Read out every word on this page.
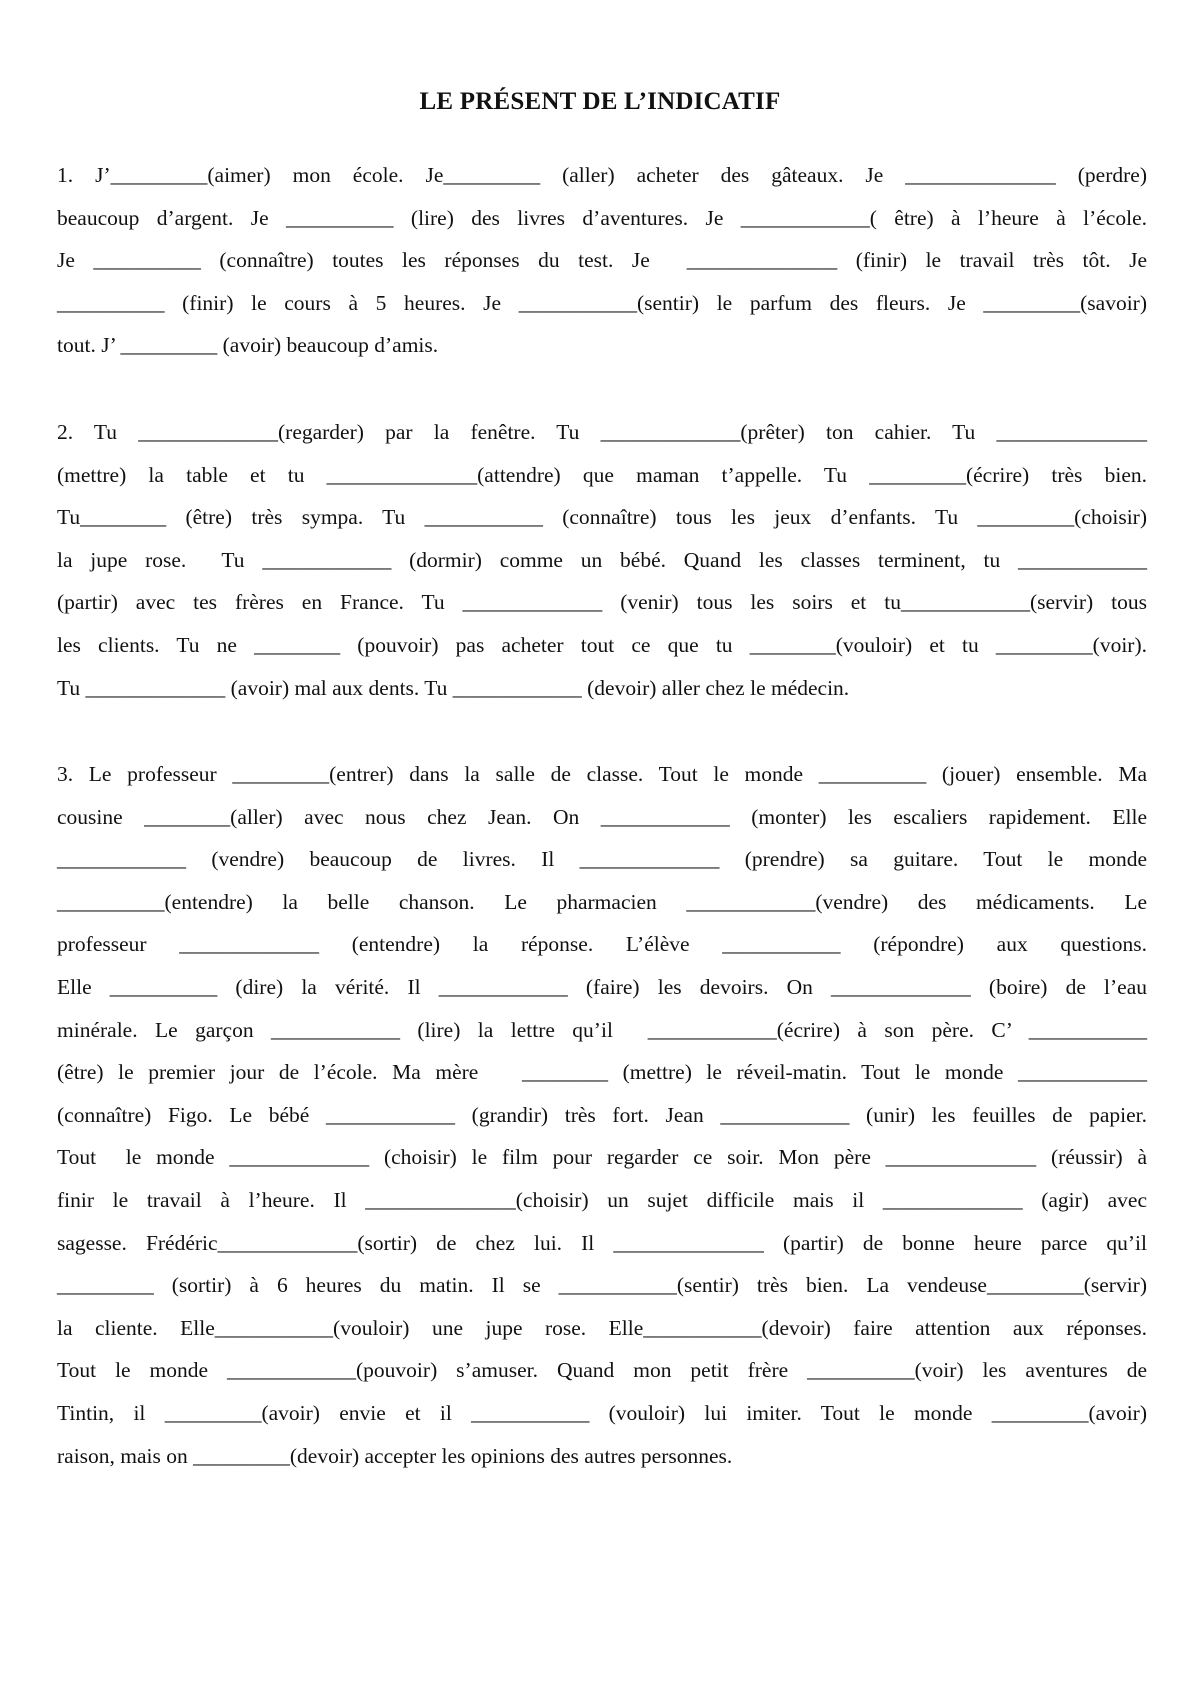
LE PRÉSENT DE L’INDICATIF
1. J’_________(aimer) mon école. Je_________ (aller) acheter des gâteaux. Je ______________ (perdre)
beaucoup d’argent. Je __________ (lire) des livres d’aventures. Je ____________( être) à l’heure à l’école.
Je __________ (connaître) toutes les réponses du test. Je  ______________ (finir) le travail très tôt. Je
__________ (finir) le cours à 5 heures. Je ___________(sentir) le parfum des fleurs. Je _________(savoir)
tout. J’ _________ (avoir) beaucoup d’amis.
2. Tu _____________(regarder) par la fenêtre. Tu _____________(prêter) ton cahier. Tu ______________
(mettre) la table et tu ______________(attendre) que maman t’appelle. Tu _________(écrire) très bien.
Tu________ (être) très sympa. Tu ___________ (connaître) tous les jeux d’enfants. Tu _________(choisir)
la jupe rose.  Tu ____________ (dormir) comme un bébé. Quand les classes terminent, tu ____________
(partir) avec tes frères en France. Tu _____________ (venir) tous les soirs et tu____________(servir) tous
les clients. Tu ne ________ (pouvoir) pas acheter tout ce que tu ________(vouloir) et tu _________(voir).
Tu _____________ (avoir) mal aux dents. Tu ____________ (devoir) aller chez le médecin.
3. Le professeur _________(entrer) dans la salle de classe. Tout le monde __________ (jouer) ensemble. Ma
cousine ________(aller) avec nous chez Jean. On ____________ (monter) les escaliers rapidement. Elle
____________ (vendre) beaucoup de livres. Il _____________ (prendre) sa guitare. Tout le monde
__________(entendre) la belle chanson. Le pharmacien ____________(vendre) des médicaments. Le
professeur _____________ (entendre) la réponse. L’élève ___________ (répondre) aux questions.
Elle __________ (dire) la vérité. Il ____________ (faire) les devoirs. On _____________ (boire) de l’eau
minérale. Le garçon ____________ (lire) la lettre qu’il  ____________(écrire) à son père. C’ ___________
(être) le premier jour de l’école. Ma mère   ________ (mettre) le réveil-matin. Tout le monde ____________
(connaître) Figo. Le bébé ____________ (grandir) très fort. Jean ____________ (unir) les feuilles de papier.
Tout  le monde _____________ (choisir) le film pour regarder ce soir. Mon père ______________ (réussir) à
finir le travail à l’heure. Il ______________(choisir) un sujet difficile mais il _____________ (agir) avec
sagesse. Frédéric_____________(sortir) de chez lui. Il ______________ (partir) de bonne heure parce qu’il
_________ (sortir) à 6 heures du matin. Il se ___________(sentir) très bien. La vendeuse_________(servir)
la cliente. Elle___________(vouloir) une jupe rose. Elle___________(devoir) faire attention aux réponses.
Tout le monde ____________(pouvoir) s’amuser. Quand mon petit frère __________(voir) les aventures de
Tintin, il _________(avoir) envie et il ___________ (vouloir) lui imiter. Tout le monde _________(avoir)
raison, mais on _________(devoir) accepter les opinions des autres personnes.
